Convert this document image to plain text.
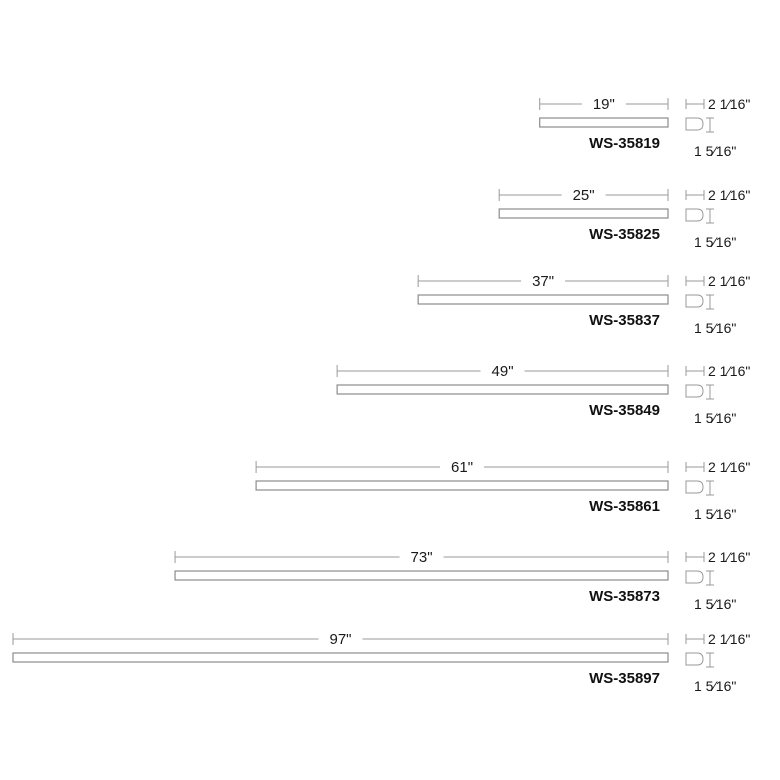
19"
WS-35819
2 1⁄16"
1 5⁄16"
25"
WS-35825
2 1⁄16"
1 5⁄16"
37"
WS-35837
2 1⁄16"
1 5⁄16"
49"
WS-35849
2 1⁄16"
1 5⁄16"
61"
WS-35861
2 1⁄16"
1 5⁄16"
73"
WS-35873
2 1⁄16"
1 5⁄16"
97"
WS-35897
2 1⁄16"
1 5⁄16"
